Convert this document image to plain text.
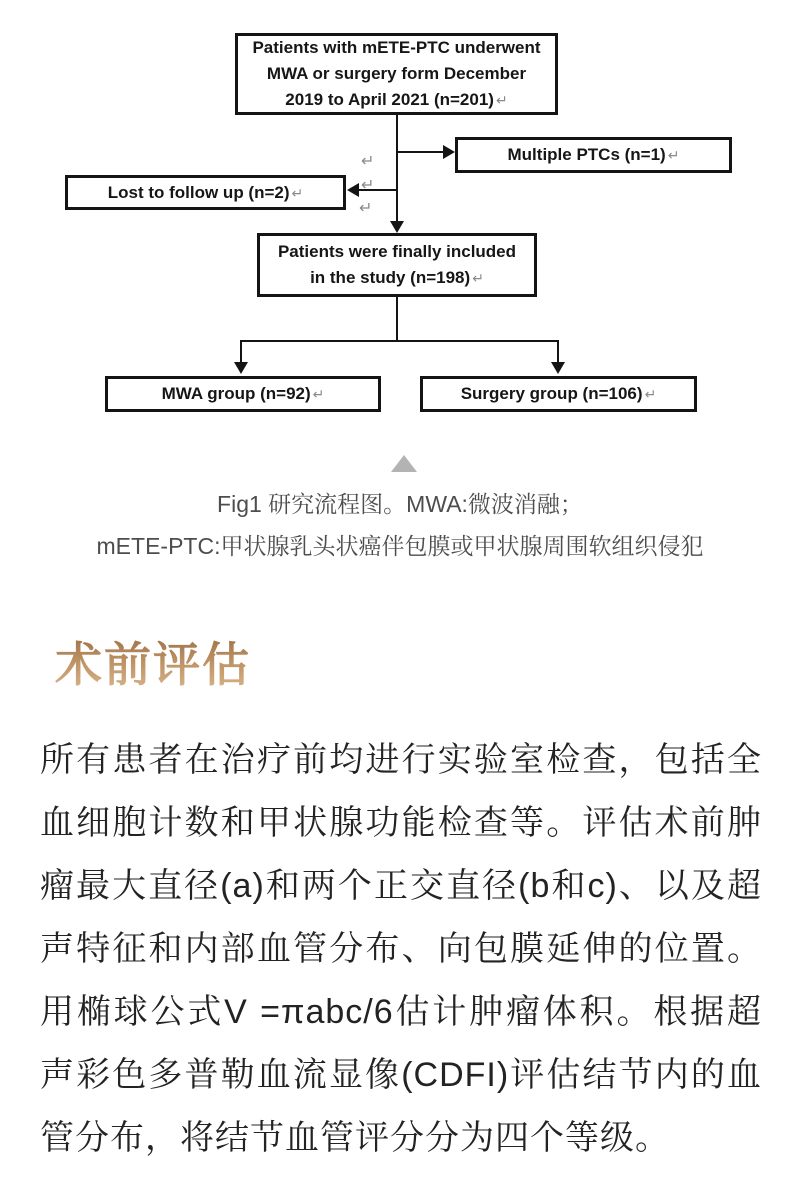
Patients with mETE-PTC underwent
MWA or surgery form December
2019 to April 2021 (n=201) ↵
Multiple PTCs (n=1) ↵
Lost to follow up (n=2) ↵
Patients were finally included
in the study (n=198) ↵
MWA group (n=92) ↵	Surgery group (n=106) ↵
↵
↵
↵
Fig1 研究流程图。MWA:微波消融；
mETE-PTC:甲状腺乳头状癌伴包膜或甲状腺周围软组织侵犯
术前评估

所有患者在治疗前均进行实验室检查，包括全血细胞计数和甲状腺功能检查等。评估术前肿瘤最大直径(a)和两个正交直径(b和c)、以及超声特征和内部血管分布、向包膜延伸的位置。用椭球公式V =πabc/6估计肿瘤体积。根据超声彩色多普勒血流显像(CDFI)评估结节内的血管分布，将结节血管评分分为四个等级。
